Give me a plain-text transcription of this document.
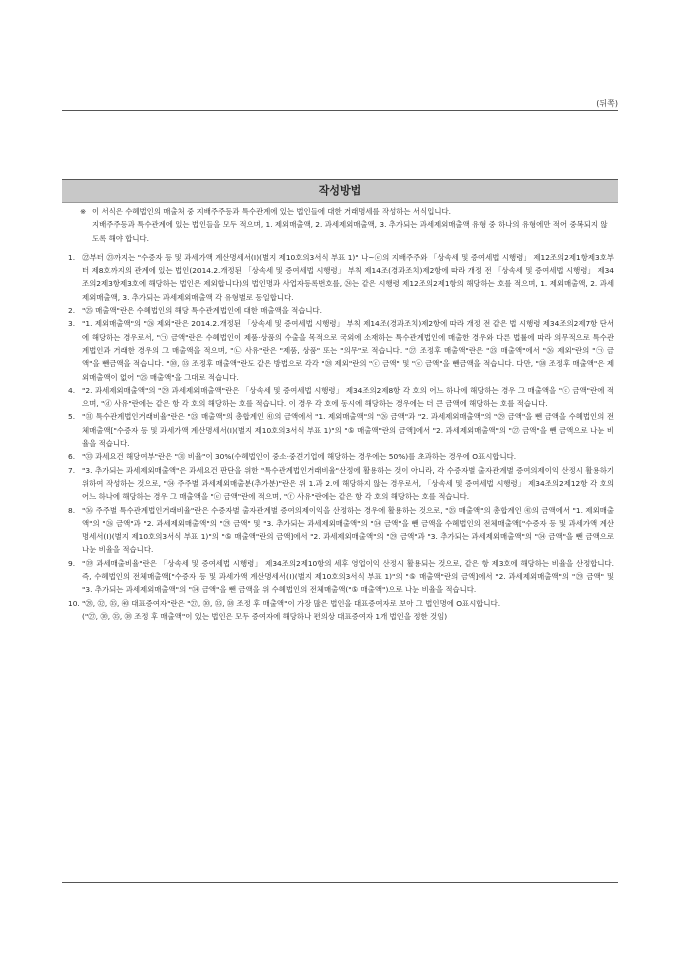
(뒤쪽)
작성방법

※ 이 서식은 수혜법인의 매출처 중 지배주주등과 특수관계에 있는 법인들에 대한 거래명세를 작성하는 서식입니다.
지배주주등과 특수관계에 있는 법인들을 모두 적으며, 1. 제외매출액, 2. 과세제외매출액, 3. 추가되는 과세제외매출액 유형 중 하나의 유형에만 적어 중복되지 않도록 해야 합니다.

1. ㉒부터 ㉓까지는 "수증자 등 및 과세가액 계산명세서(Ⅰ)(별지 제10호의3서식 부표 1)" 나~ⓔ의 지배주주와 「상속세 및 증여세법 시행령」 제12조의2제1항제3호부터 제8호까지의 관계에 있는 법인(2014.2.개정된 「상속세 및 증여세법 시행령」 부칙 제14조(경과조치)제2항에 따라 개정 전 「상속세 및 증여세법 시행령」 제34조의2제3항제3호에 해당하는 법인은 제외합니다)의 법인명과 사업자등록번호를, ㉔는 같은 시행령 제12조의2제1항의 해당하는 호를 적으며, 1. 제외매출액, 2. 과세제외매출액, 3. 추가되는 과세제외매출액 각 유형별로 동일합니다.

2. "㉕ 매출액"란은 수혜법인의 해당 특수관계법인에 대한 매출액을 적습니다.

3. "1. 제외매출액"의 "㉖ 제외"란은 2014.2.개정된 「상속세 및 증여세법 시행령」 부칙 제14조(경과조치)제2항에 따라 개정 전 같은 법 시행령 제34조의2제7항 단서에 해당하는 경우로서, "㉠ 금액"란은 수혜법인이 제품·상품의 수출을 목적으로 국외에 소재하는 특수관계법인에 매출한 경우와 다른 법률에 따라 의무적으로 특수관계법인과 거래한 경우의 그 매출액을 적으며, "㉡ 사유"란은 "제품, 상품" 또는 "의무"로 적습니다. "㉗ 조정후 매출액"란은 "㉕ 매출액"에서 "㉖ 제외"란의 "㉠ 금액"을 뺀금액을 적습니다. "㉚, ㉟ 조정후 매출액"란도 같은 방법으로 각각 "㉘ 제외"란의 "ⓒ 금액" 및 "ⓔ 금액"을 뺀금액을 적습니다. 다만, "㊳ 조정후 매출액"은 제외매출액이 없어 "㉕ 매출액"을 그대로 적습니다.

4. "2. 과세제외매출액"의 "㉙ 과세제외매출액"란은 「상속세 및 증여세법 시행령」 제34조의2제8항 각 호의 어느 하나에 해당하는 경우 그 매출액을 "ⓒ 금액"란에 적으며, "ⓓ 사유"란에는 같은 항 각 호의 해당하는 호를 적습니다. 이 경우 각 호에 동시에 해당하는 경우에는 더 큰 금액에 해당하는 호를 적습니다.

5. "㉛ 특수관계법인거래비율"란은 "㉕ 매출액"의 총합계인 ㊶의 금액에서 "1. 제외매출액"의 "㉖ 금액"과 "2. 과세제외매출액"의 "㉙ 금액"을 뺀 금액을 수혜법인의 전체매출액["수증자 등 및 과세가액 계산명세서(Ⅰ)(별지 제10호의3서식 부표 1)"의 "⑤ 매출액"란의 금액]에서 "2. 과세제외매출액"의 "㉗ 금액"을 뺀 금액으로 나눈 비율을 적습니다.

6. "㉝ 과세요건 해당여부"란은 "㉛ 비율"이 30%(수혜법인이 중소·중견기업에 해당하는 경우에는 50%)를 초과하는 경우에 O표시합니다.

7. "3. 추가되는 과세제외매출액"은 과세요건 판단을 위한 "특수관계법인거래비율"산정에 활용하는 것이 아니라, 각 수증자별 출자관계별 증여의제이익 산정시 활용하기 위하여 작성하는 것으로, "㉞ 주주별 과세제외매출분(추가분)"란은 위 1.과 2.에 해당하지 않는 경우로서, 「상속세 및 증여세법 시행령」 제34조의2제12항 각 호의 어느 하나에 해당하는 경우 그 매출액을 "ⓔ 금액"란에 적으며, "ⓕ 사유"란에는 같은 항 각 호의 해당하는 호를 적습니다.

8. "㊱ 주주별 특수관계법인거래비율"란은 수증자별 출자관계별 증여의제이익을 산정하는 경우에 활용하는 것으로, "㉕ 매출액"의 총합계인 ㊶의 금액에서 "1. 제외매출액"의 "㉖ 금액"과 "2. 과세제외매출액"의 "㉙ 금액" 및 "3. 추가되는 과세제외매출액"의 "㉞ 금액"을 뺀 금액을 수혜법인의 전체매출액["수증자 등 및 과세가액 계산명세서(Ⅰ)(별지 제10호의3서식 부표 1)"의 "⑤ 매출액"란의 금액]에서 "2. 과세제외매출액"의 "㉙ 금액"과 "3. 추가되는 과세제외매출액"의 "㉞ 금액"을 뺀 금액으로 나눈 비율을 적습니다.

9. "㊴ 과세매출비율"란은 「상속세 및 증여세법 시행령」 제34조의2제10항의 세후 영업이익 산정시 활용되는 것으로, 같은 항 제3호에 해당하는 비율을 산정합니다. 즉, 수혜법인의 전체매출액["수증자 등 및 과세가액 계산명세서(Ⅰ)(별지 제10호의3서식 부표 1)"의 "⑤ 매출액"란의 금액]에서 "2. 과세제외매출액"의 "㉙ 금액" 및 "3. 추가되는 과세제외매출액"의 "㉞ 금액"을 뺀 금액을 위 수혜법인의 전체매출액("⑤ 매출액")으로 나눈 비율을 적습니다.

10. "㉘, ㉜, ㉟, ㊵ 대표증여자"란은 "㉗, ㉚, ㉟, ㊳ 조정 후 매출액"이 가장 많은 법인을 대표증여자로 보아 그 법인명에 O표시합니다.

("㉗, ㉚, ㉟, ㊳ 조정 후 매출액"이 있는 법인은 모두 증여자에 해당하나 편의상 대표증여자 1개 법인을 정한 것임)
